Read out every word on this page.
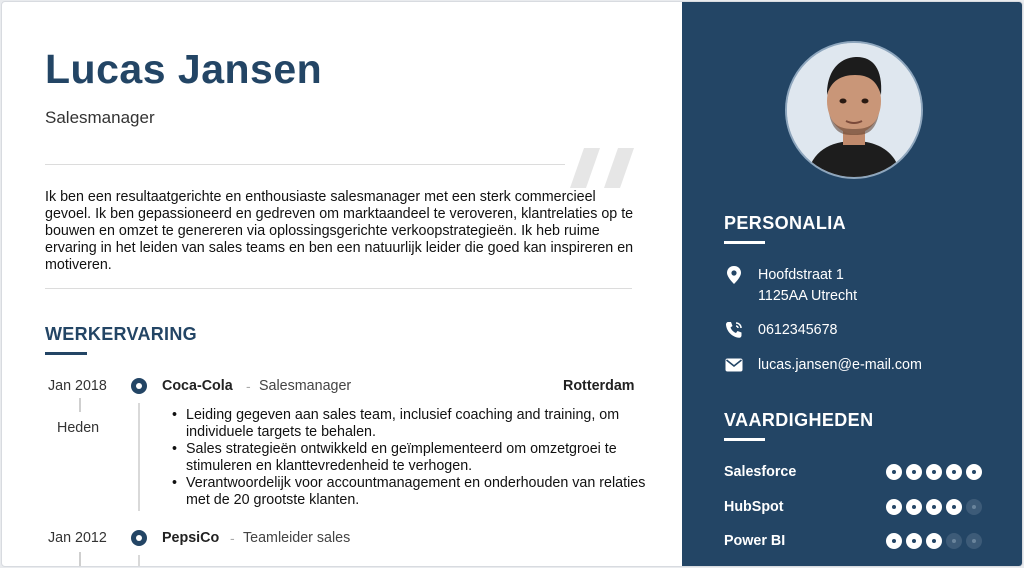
Lucas Jansen
Salesmanager

Ik ben een resultaatgerichte en enthousiaste salesmanager met een sterk commercieel gevoel. Ik ben gepassioneerd en gedreven om marktaandeel te veroveren, klantrelaties op te bouwen en omzet te genereren via oplossingsgerichte verkoopstrategieën. Ik heb ruime ervaring in het leiden van sales teams en ben een natuurlijk leider die goed kan inspireren en motiveren.

WERKERVARING
Jan 2018
Heden
Coca-Cola - Salesmanager	Rotterdam
• Leiding gegeven aan sales team, inclusief coaching and training, om individuele targets te behalen.
• Sales strategieën ontwikkeld en geïmplementeerd om omzetgroei te stimuleren en klanttevredenheid te verhogen.
• Verantwoordelijk voor accountmanagement en onderhouden van relaties met de 20 grootste klanten.
Jan 2012	PepsiCo - Teamleider sales
PERSONALIA
Hoofdstraat 1
1125AA Utrecht
0612345678
lucas.jansen@e-mail.com
VAARDIGHEDEN
Salesforce
HubSpot
Power BI
